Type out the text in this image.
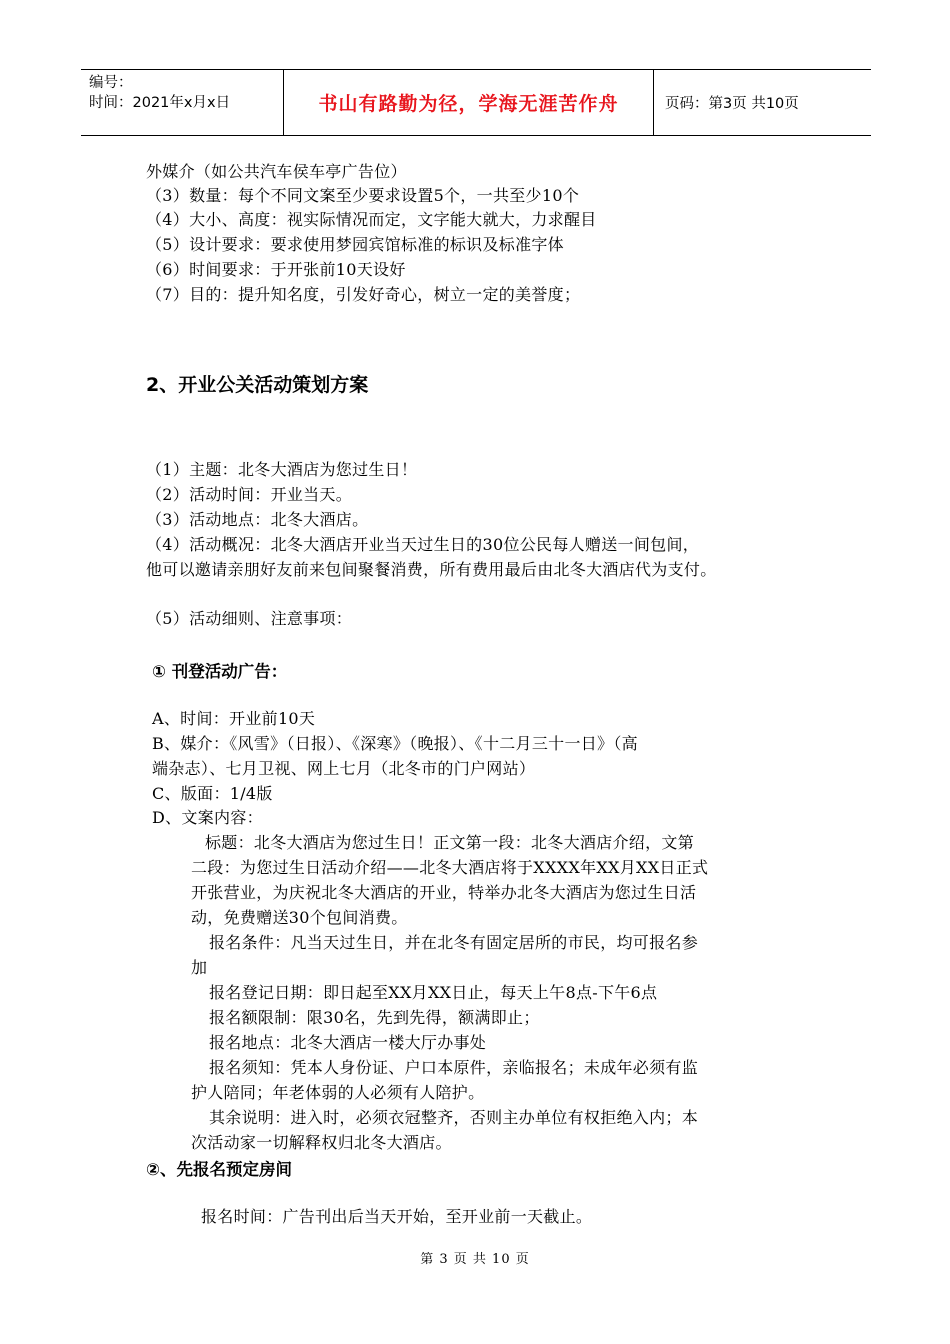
编号：
时间：2021年x月x日	书山有路勤为径，学海无涯苦作舟	页码：第3页 共10页
外媒介（如公共汽车侯车亭广告位）
（3）数量：每个不同文案至少要求设置5个，一共至少10个
（4）大小、高度：视实际情况而定，文字能大就大，力求醒目
（5）设计要求：要求使用梦园宾馆标准的标识及标准字体
（6）时间要求：于开张前10天设好
（7）目的：提升知名度，引发好奇心，树立一定的美誉度；
2、开业公关活动策划方案
（1）主题：北冬大酒店为您过生日！
（2）活动时间：开业当天。
（3）活动地点：北冬大酒店。
（4）活动概况：北冬大酒店开业当天过生日的30位公民每人赠送一间包间，
他可以邀请亲朋好友前来包间聚餐消费，所有费用最后由北冬大酒店代为支付。
（5）活动细则、注意事项：
① 刊登活动广告：
A、时间：开业前10天
B、媒介：《风雪》（日报）、《深寒》（晚报）、《十二月三十一日》（高
端杂志）、七月卫视、网上七月（北冬市的门户网站）
C、版面：1/4版
D、文案内容：
标题：北冬大酒店为您过生日！正文第一段：北冬大酒店介绍，文第
二段：为您过生日活动介绍——北冬大酒店将于XXXX年XX月XX日正式
开张营业，为庆祝北冬大酒店的开业，特举办北冬大酒店为您过生日活
动，免费赠送30个包间消费。
报名条件：凡当天过生日，并在北冬有固定居所的市民，均可报名参
加
报名登记日期：即日起至XX月XX日止，每天上午8点-下午6点
报名额限制：限30名，先到先得，额满即止；
报名地点：北冬大酒店一楼大厅办事处
报名须知：凭本人身份证、户口本原件，亲临报名；未成年必须有监
护人陪同；年老体弱的人必须有人陪护。
其余说明：进入时，必须衣冠整齐，否则主办单位有权拒绝入内；本
次活动家一切解释权归北冬大酒店。
②、先报名预定房间
报名时间：广告刊出后当天开始，至开业前一天截止。
第 3 页 共 10 页
